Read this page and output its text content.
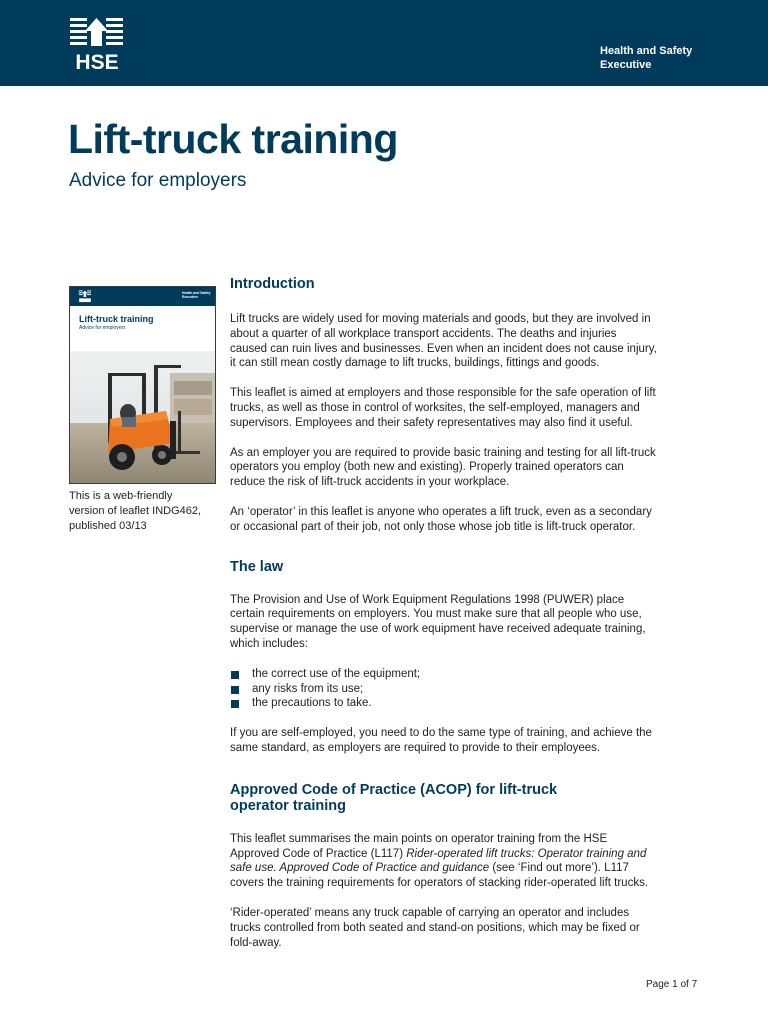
HSE	Health and Safety
Executive
Lift-truck training
Advice for employers
Health and Safety
Executive
Lift-truck training
Advice for employers
This is a web-friendly
version of leaflet INDG462,
published 03/13
Introduction

Lift trucks are widely used for moving materials and goods, but they are involved in
about a quarter of all workplace transport accidents. The deaths and injuries
caused can ruin lives and businesses. Even when an incident does not cause injury,
it can still mean costly damage to lift trucks, buildings, fittings and goods.

This leaflet is aimed at employers and those responsible for the safe operation of lift
trucks, as well as those in control of worksites, the self-employed, managers and
supervisors. Employees and their safety representatives may also find it useful.

As an employer you are required to provide basic training and testing for all lift-truck
operators you employ (both new and existing). Properly trained operators can
reduce the risk of lift-truck accidents in your workplace.

An ‘operator’ in this leaflet is anyone who operates a lift truck, even as a secondary
or occasional part of their job, not only those whose job title is lift-truck operator.

The law

The Provision and Use of Work Equipment Regulations 1998 (PUWER) place
certain requirements on employers. You must make sure that all people who use,
supervise or manage the use of work equipment have received adequate training,
which includes:

the correct use of the equipment;
any risks from its use;
the precautions to take.

If you are self-employed, you need to do the same type of training, and achieve the
same standard, as employers are required to provide to their employees.

Approved Code of Practice (ACOP) for lift-truck
operator training

This leaflet summarises the main points on operator training from the HSE
Approved Code of Practice (L117) Rider-operated lift trucks: Operator training and
safe use. Approved Code of Practice and guidance (see ‘Find out more’). L117
covers the training requirements for operators of stacking rider-operated lift trucks.

‘Rider-operated’ means any truck capable of carrying an operator and includes
trucks controlled from both seated and stand-on positions, which may be fixed or
fold-away.

Page 1 of 7
